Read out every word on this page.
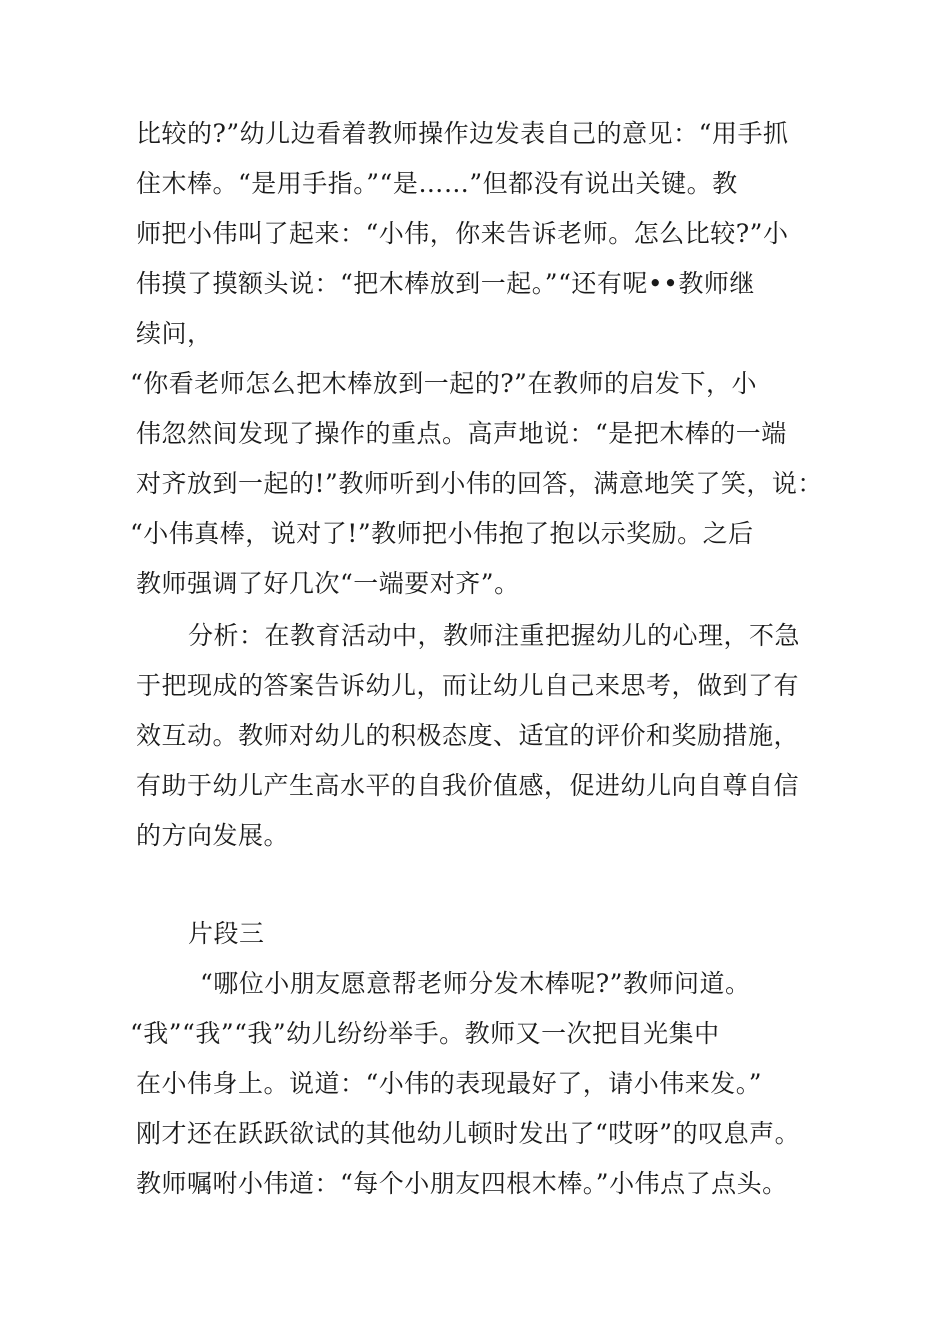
比较的?”幼儿边看着教师操作边发表自己的意见：“用手抓
住木棒。“是用手指。”“是……”但都没有说出关键。教
师把小伟叫了起来：“小伟，你来告诉老师。怎么比较?”小
伟摸了摸额头说：“把木棒放到一起。”“还有呢••教师继
续问，
“你看老师怎么把木棒放到一起的?”在教师的启发下，小
伟忽然间发现了操作的重点。高声地说：“是把木棒的一端
对齐放到一起的!”教师听到小伟的回答，满意地笑了笑，说：
“小伟真棒，说对了!”教师把小伟抱了抱以示奖励。之后
教师强调了好几次“一端要对齐”。
分析：在教育活动中，教师注重把握幼儿的心理，不急
于把现成的答案告诉幼儿，而让幼儿自己来思考，做到了有
效互动。教师对幼儿的积极态度、适宜的评价和奖励措施，
有助于幼儿产生高水平的自我价值感，促进幼儿向自尊自信
的方向发展。
片段三
“哪位小朋友愿意帮老师分发木棒呢?”教师问道。
“我”“我”“我”幼儿纷纷举手。教师又一次把目光集中
在小伟身上。说道：“小伟的表现最好了，请小伟来发。”
刚才还在跃跃欲试的其他幼儿顿时发出了“哎呀”的叹息声。
教师嘱咐小伟道：“每个小朋友四根木棒。”小伟点了点头。
